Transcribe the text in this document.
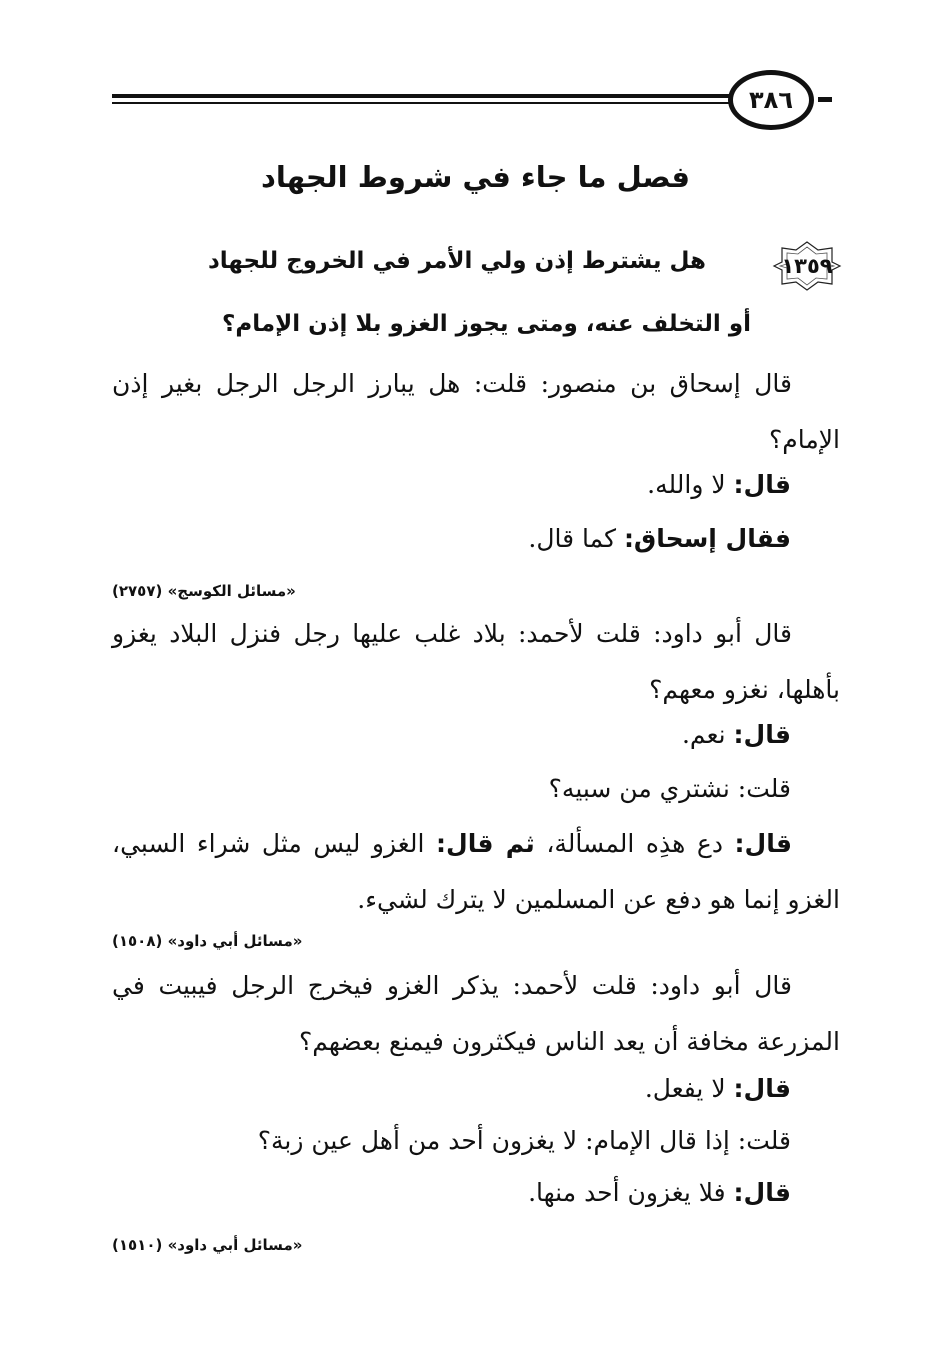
٣٨٦
فصل ما جاء في شروط الجهاد
١٣٥٩
هل يشترط إذن ولي الأمر في الخروج للجهاد
أو التخلف عنه، ومتى يجوز الغزو بلا إذن الإمام؟
قال إسحاق بن منصور: قلت: هل يبارز الرجل الرجل بغير إذن الإمام؟
قال: لا والله.
فقال إسحاق: كما قال.
«مسائل الكوسج» (٢٧٥٧)
قال أبو داود: قلت لأحمد: بلاد غلب عليها رجل فنزل البلاد يغزو بأهلها، نغزو معهم؟
قال: نعم.
قلت: نشتري من سبيه؟
قال: دع هذِه المسألة، ثم قال: الغزو ليس مثل شراء السبي، الغزو إنما هو دفع عن المسلمين لا يترك لشيء.
«مسائل أبي داود» (١٥٠٨)
قال أبو داود: قلت لأحمد: يذكر الغزو فيخرج الرجل فيبيت في المزرعة مخافة أن يعد الناس فيكثرون فيمنع بعضهم؟
قال: لا يفعل.
قلت: إذا قال الإمام: لا يغزون أحد من أهل عين زبة؟
قال: فلا يغزون أحد منها.
«مسائل أبي داود» (١٥١٠)
